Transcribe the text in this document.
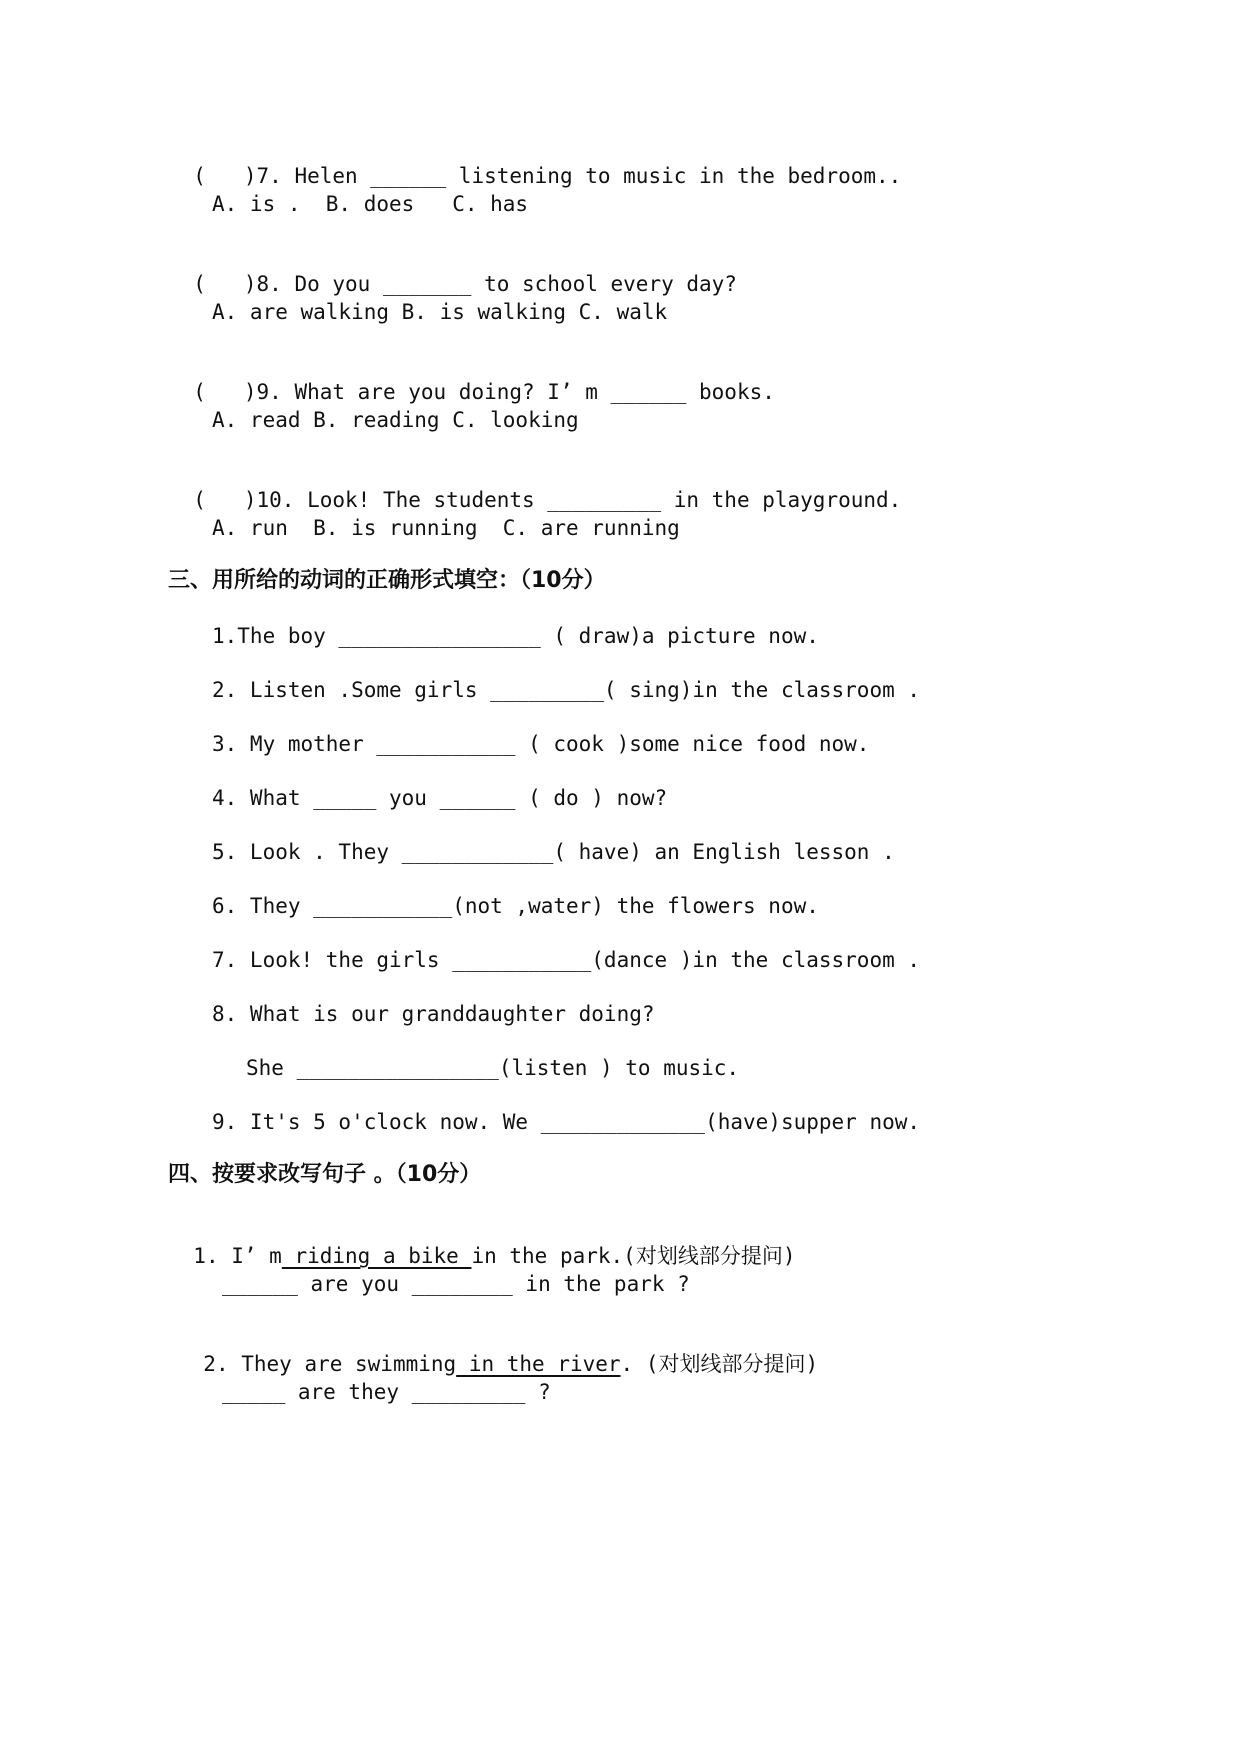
(   )7. Helen ______ listening to music in the bedroom..

A. is .  B. does   C. has

(   )8. Do you _______ to school every day?

A. are walking B. is walking C. walk

(   )9. What are you doing? I’ m ______ books.

A. read B. reading C. looking

(   )10. Look! The students _________ in the playground.

A. run  B. is running  C. are running
三、用所给的动词的正确形式填空：（10分）
1.The boy ________________ ( draw)a picture now.
2. Listen .Some girls _________( sing)in the classroom .
3. My mother ___________ ( cook )some nice food now.
4. What _____ you ______ ( do ) now?
5. Look . They ____________( have) an English lesson .
6. They ___________(not ,water) the flowers now.
7. Look! the girls ___________(dance )in the classroom .
8. What is our granddaughter doing?
She ________________(listen ) to music.
9. It's 5 o'clock now. We _____________(have)supper now.
四、按要求改写句子 。（10分）

1. I’ m riding a bike in the park.(对划线部分提问)

______ are you ________ in the park ?

2. They are swimming in the river. (对划线部分提问)

_____ are they _________ ?
